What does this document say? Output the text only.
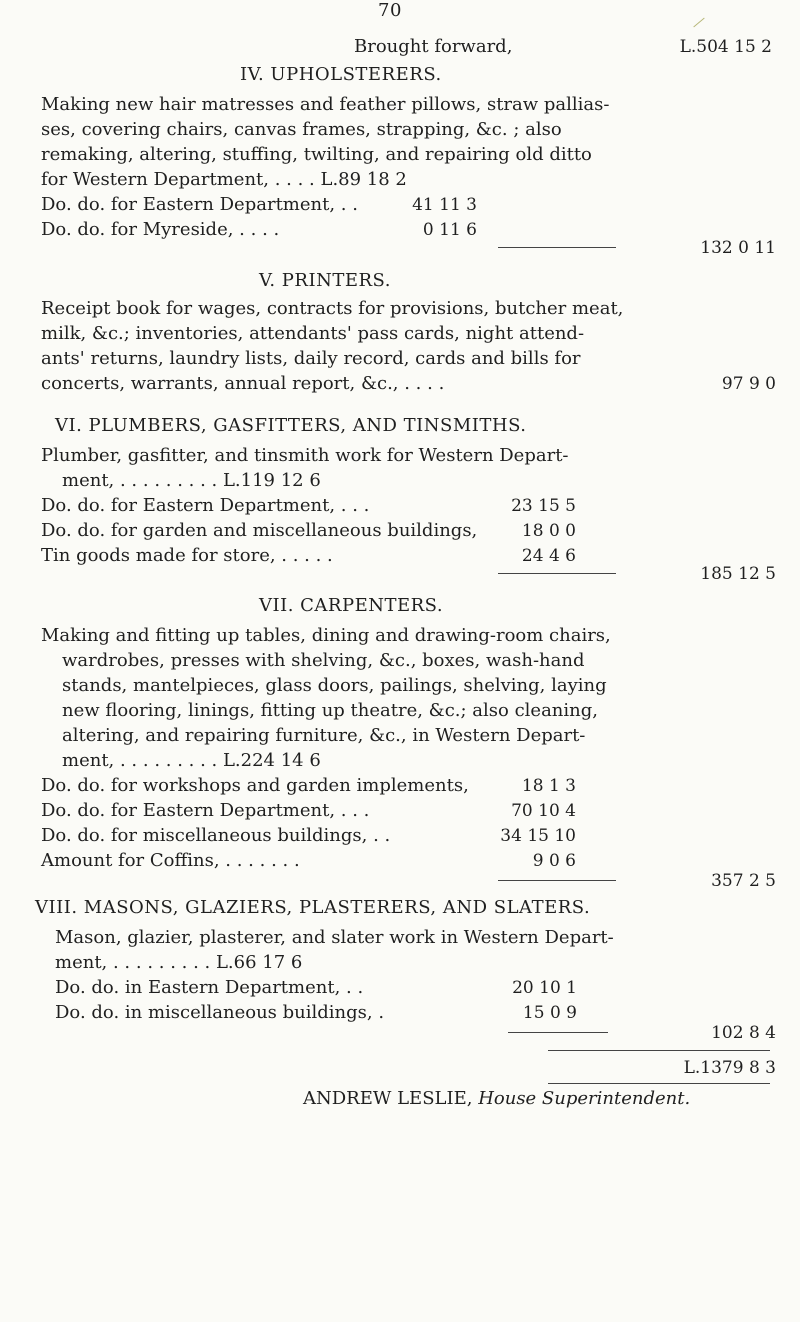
70
Brought forward,	L.504 15 2
IV. UPHOLSTERERS.
Making new hair matresses and feather pillows, straw pallias-
ses, covering chairs, canvas frames, strapping, &c. ; also
remaking, altering, stuffing, twilting, and repairing old ditto
for Western Department, . . . . L.89 18 2
Do. do. for Eastern Department, . .	41 11 3
Do. do. for Myreside, . . . .	0 11 6
132 0 11
V. PRINTERS.
Receipt book for wages, contracts for provisions, butcher meat,
milk, &c.; inventories, attendants' pass cards, night attend-
ants' returns, laundry lists, daily record, cards and bills for
concerts, warrants, annual report, &c., . . . .	97 9 0
VI. PLUMBERS, GASFITTERS, AND TINSMITHS.
Plumber, gasfitter, and tinsmith work for Western Depart-
ment, . . . . . . . . . L.119 12 6
Do. do. for Eastern Department, . . .	23 15 5
Do. do. for garden and miscellaneous buildings,	18 0 0
Tin goods made for store, . . . . .	24 4 6
185 12 5
VII. CARPENTERS.
Making and fitting up tables, dining and drawing-room chairs,
wardrobes, presses with shelving, &c., boxes, wash-hand
stands, mantelpieces, glass doors, pailings, shelving, laying
new flooring, linings, fitting up theatre, &c.; also cleaning,
altering, and repairing furniture, &c., in Western Depart-
ment, . . . . . . . . . L.224 14 6
Do. do. for workshops and garden implements,	18 1 3
Do. do. for Eastern Department, . . .	70 10 4
Do. do. for miscellaneous buildings, . .	34 15 10
Amount for Coffins, . . . . . . .	9 0 6
357 2 5
VIII. MASONS, GLAZIERS, PLASTERERS, AND SLATERS.
Mason, glazier, plasterer, and slater work in Western Depart-
ment, . . . . . . . . . L.66 17 6
Do. do. in Eastern Department, . .	20 10 1
Do. do. in miscellaneous buildings, .	15 0 9
102 8 4
L.1379 8 3
ANDREW LESLIE, House Superintendent.
